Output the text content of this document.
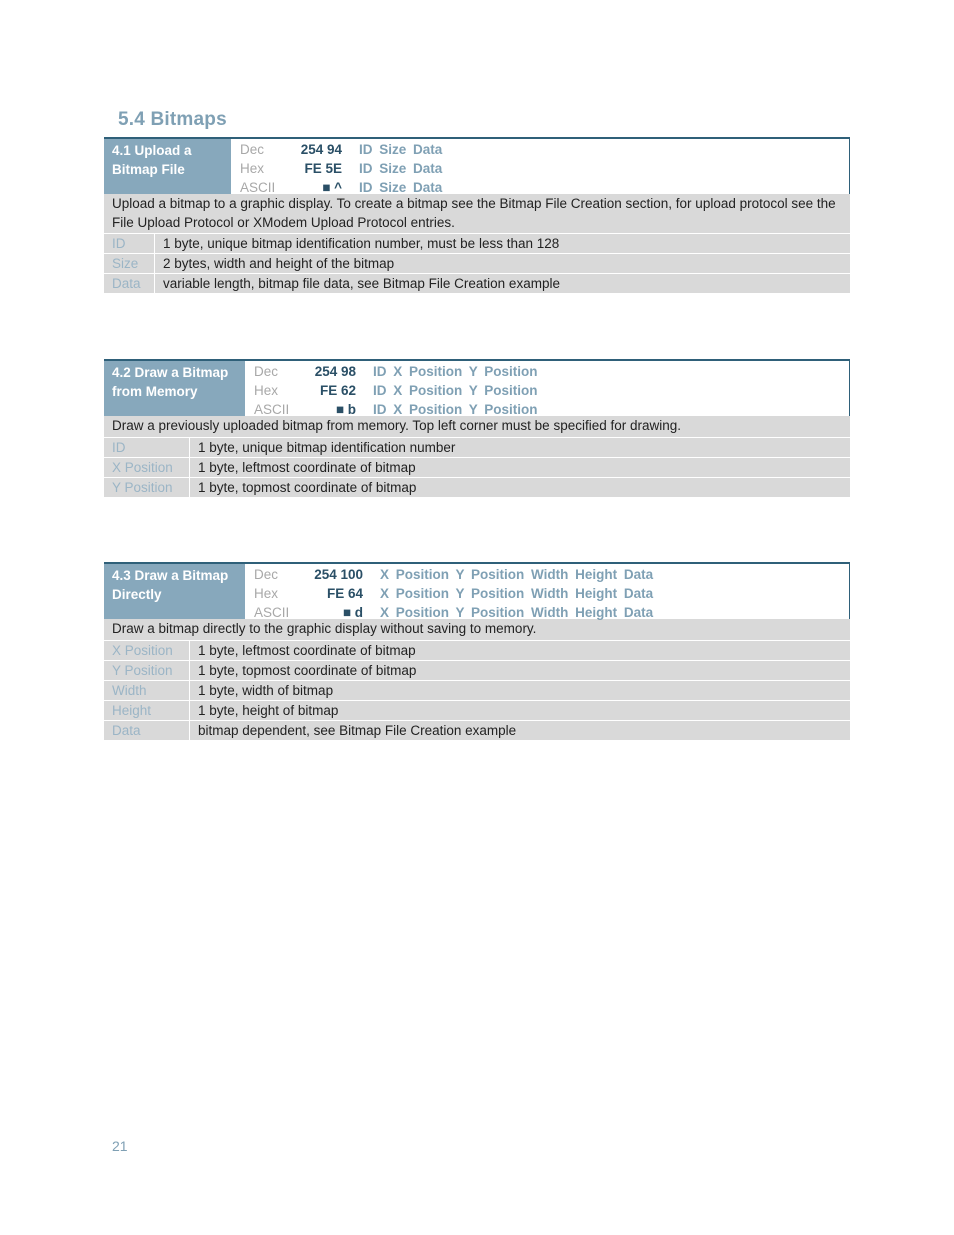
5.4 Bitmaps
4.1 Upload a
Bitmap File
Dec	254 94 ID Size Data
Hex	FE 5E ID Size Data
ASCII	■ ^ ID Size Data
Upload a bitmap to a graphic display. To create a bitmap see the Bitmap File Creation section, for upload protocol see the File Upload Protocol or XModem Upload Protocol entries.
ID	1 byte, unique bitmap identification number, must be less than 128
Size	2 bytes, width and height of the bitmap
Data	variable length, bitmap file data, see Bitmap File Creation example
4.2 Draw a Bitmap
from Memory
Dec	254 98 ID X Position Y Position
Hex	FE 62 ID X Position Y Position
ASCII	■ b ID X Position Y Position
Draw a previously uploaded bitmap from memory. Top left corner must be specified for drawing.
ID	1 byte, unique bitmap identification number
X Position	1 byte, leftmost coordinate of bitmap
Y Position	1 byte, topmost coordinate of bitmap
4.3 Draw a Bitmap
Directly
Dec	254 100 X Position Y Position Width Height Data
Hex	FE 64 X Position Y Position Width Height Data
ASCII	■ d X Position Y Position Width Height Data
Draw a bitmap directly to the graphic display without saving to memory.
X Position	1 byte, leftmost coordinate of bitmap
Y Position	1 byte, topmost coordinate of bitmap
Width	1 byte, width of bitmap
Height	1 byte, height of bitmap
Data	bitmap dependent, see Bitmap File Creation example
21
